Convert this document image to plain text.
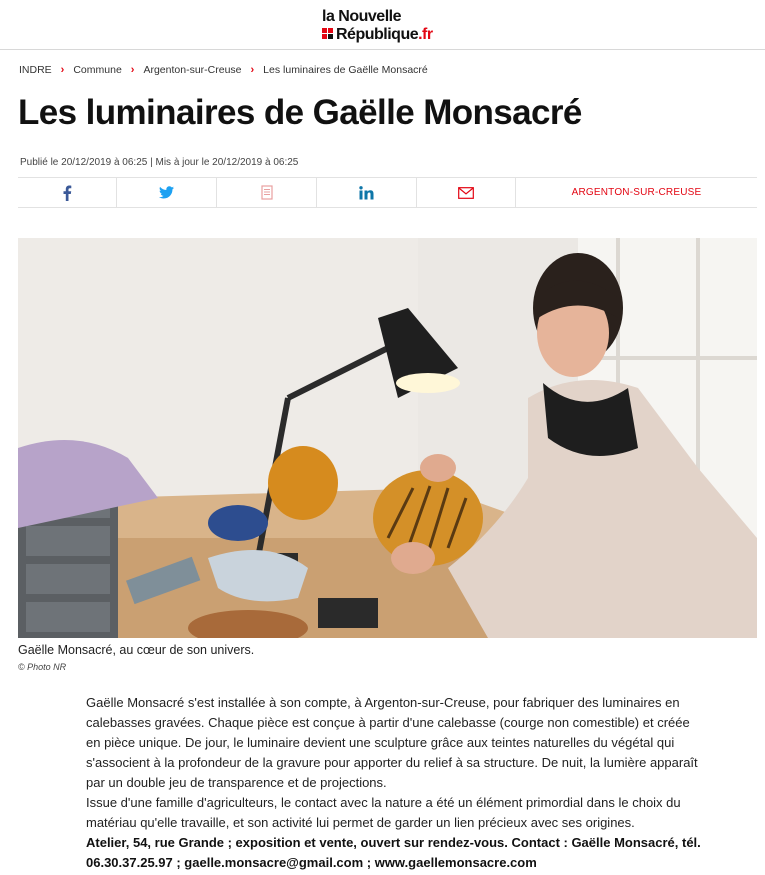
la Nouvelle
République.fr
INDRE › Commune › Argenton-sur-Creuse › Les luminaires de Gaëlle Monsacré
Les luminaires de Gaëlle Monsacré
Publié le 20/12/2019 à 06:25 | Mis à jour le 20/12/2019 à 06:25
ARGENTON-SUR-CREUSE
Gaëlle Monsacré, au cœur de son univers.
© Photo NR

Gaëlle Monsacré s'est installée à son compte, à Argenton-sur-Creuse, pour fabriquer des luminaires en calebasses gravées. Chaque pièce est conçue à partir d'une calebasse (courge non comestible) et créée en pièce unique. De jour, le luminaire devient une sculpture grâce aux teintes naturelles du végétal qui s'associent à la profondeur de la gravure pour apporter du relief à sa structure. De nuit, la lumière apparaît par un double jeu de transparence et de projections.

Issue d'une famille d'agriculteurs, le contact avec la nature a été un élément primordial dans le choix du matériau qu'elle travaille, et son activité lui permet de garder un lien précieux avec ses origines.

Atelier, 54, rue Grande ; exposition et vente, ouvert sur rendez-vous. Contact : Gaëlle Monsacré, tél. 06.30.37.25.97 ; gaelle.monsacre@gmail.com ; www.gaellemonsacre.com
